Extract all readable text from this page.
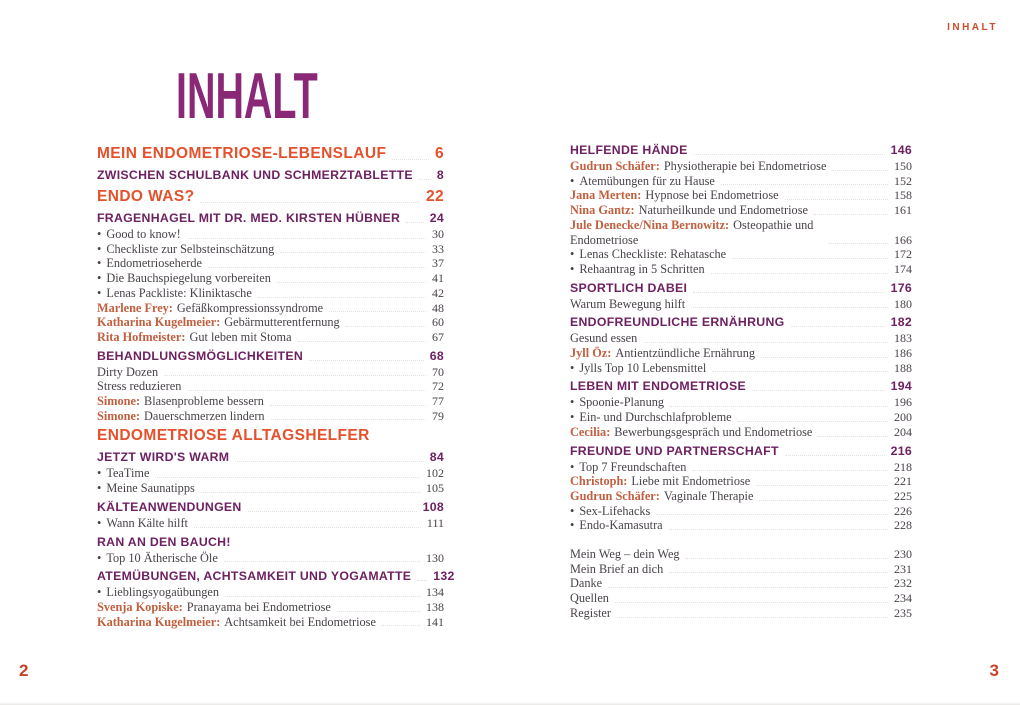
INHALT
INHALT
MEIN ENDOMETRIOSE-LEBENSLAUF	6
ZWISCHEN SCHULBANK UND SCHMERZTABLETTE 8
ENDO WAS?	22
FRAGENHAGEL MIT DR. MED. KIRSTEN HÜBNER 24
• Good to know!	30
• Checkliste zur Selbsteinschätzung	33
• Endometrioseherde	37
• Die Bauchspiegelung vorbereiten	41
• Lenas Packliste: Kliniktasche	42
Marlene Frey: Gefäßkompressionssyndrome	48
Katharina Kugelmeier: Gebärmutterentfernung	60
Rita Hofmeister: Gut leben mit Stoma	67
BEHANDLUNGSMÖGLICHKEITEN	68
Dirty Dozen	70
Stress reduzieren	72
Simone: Blasenprobleme bessern	77
Simone: Dauerschmerzen lindern	79
ENDOMETRIOSE ALLTAGSHELFER
JETZT WIRD'S WARM	84
• TeaTime	102
• Meine Saunatipps	105
KÄLTEANWENDUNGEN	108
• Wann Kälte hilft	111
RAN AN DEN BAUCH!
• Top 10 Ätherische Öle	130
ATEMÜBUNGEN, ACHTSAMKEIT UND YOGAMATTE 132
• Lieblingsyogaübungen	134
Svenja Kopiske: Pranayama bei Endometriose	138
Katharina Kugelmeier: Achtsamkeit bei Endometriose	141
HELFENDE HÄNDE	146
Gudrun Schäfer: Physiotherapie bei Endometriose	150
• Atemübungen für zu Hause	152
Jana Merten: Hypnose bei Endometriose	158
Nina Gantz: Naturheilkunde und Endometriose	161
Jule Denecke/Nina Bernowitz: Osteopathie und Endometriose	166
• Lenas Checkliste: Rehatasche	172
• Rehaantrag in 5 Schritten	174
SPORTLICH DABEI	176
Warum Bewegung hilft	180
ENDOFREUNDLICHE ERNÄHRUNG	182
Gesund essen	183
Jyll Öz: Antientzündliche Ernährung	186
• Jylls Top 10 Lebensmittel	188
LEBEN MIT ENDOMETRIOSE	194
• Spoonie-Planung	196
• Ein- und Durchschlafprobleme	200
Cecilia: Bewerbungsgespräch und Endometriose	204
FREUNDE UND PARTNERSCHAFT	216
• Top 7 Freundschaften	218
Christoph: Liebe mit Endometriose	221
Gudrun Schäfer: Vaginale Therapie	225
• Sex-Lifehacks	226
• Endo-Kamasutra	228
Mein Weg – dein Weg	230
Mein Brief an dich	231
Danke	232
Quellen	234
Register	235
2	3
